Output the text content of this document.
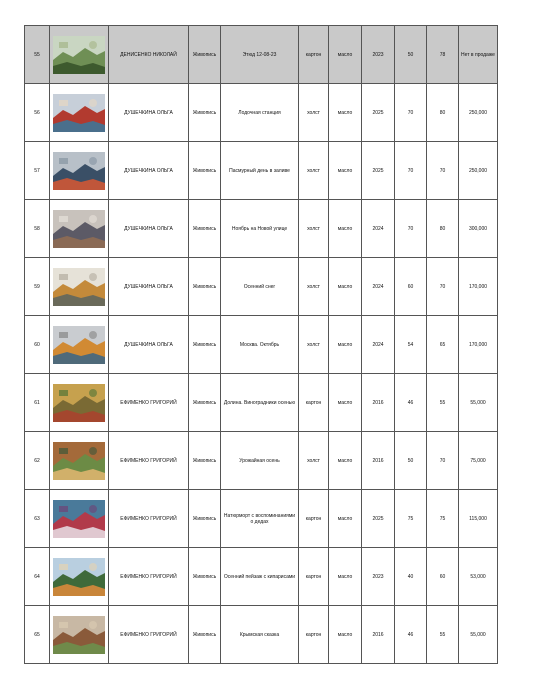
55		ДЕНИСЕНКО НИКОЛАЙ	Живопись	Этюд 12-08-23	картон	масло	2023	50	78	Нет в продаже
56		ДУШЕЧКИНА ОЛЬГА	Живопись	Лодочная станция	холст	масло	2025	70	80	250,000
57		ДУШЕЧКИНА ОЛЬГА	Живопись	Пасмурный день в заливе	холст	масло	2025	70	70	250,000
58		ДУШЕЧКИНА ОЛЬГА	Живопись	Ноябрь на Новой улице	холст	масло	2024	70	80	300,000
59		ДУШЕЧКИНА ОЛЬГА	Живопись	Осенний снег	холст	масло	2024	60	70	170,000
60		ДУШЕЧКИНА ОЛЬГА	Живопись	Москва. Октябрь	холст	масло	2024	54	65	170,000
61		ЕФИМЕНКО ГРИГОРИЙ	Живопись	Долина. Виноградники осенью	картон	масло	2016	46	55	55,000
62		ЕФИМЕНКО ГРИГОРИЙ	Живопись	Урожайная осень	холст	масло	2016	50	70	75,000
63		ЕФИМЕНКО ГРИГОРИЙ	Живопись	Натюрморт с воспоминаниями о дедах	картон	масло	2025	75	75	115,000
64		ЕФИМЕНКО ГРИГОРИЙ	Живопись	Осенний пейзаж с кипарисами	картон	масло	2023	40	60	53,000
65		ЕФИМЕНКО ГРИГОРИЙ	Живопись	Крымская сказка	картон	масло	2016	46	55	55,000
